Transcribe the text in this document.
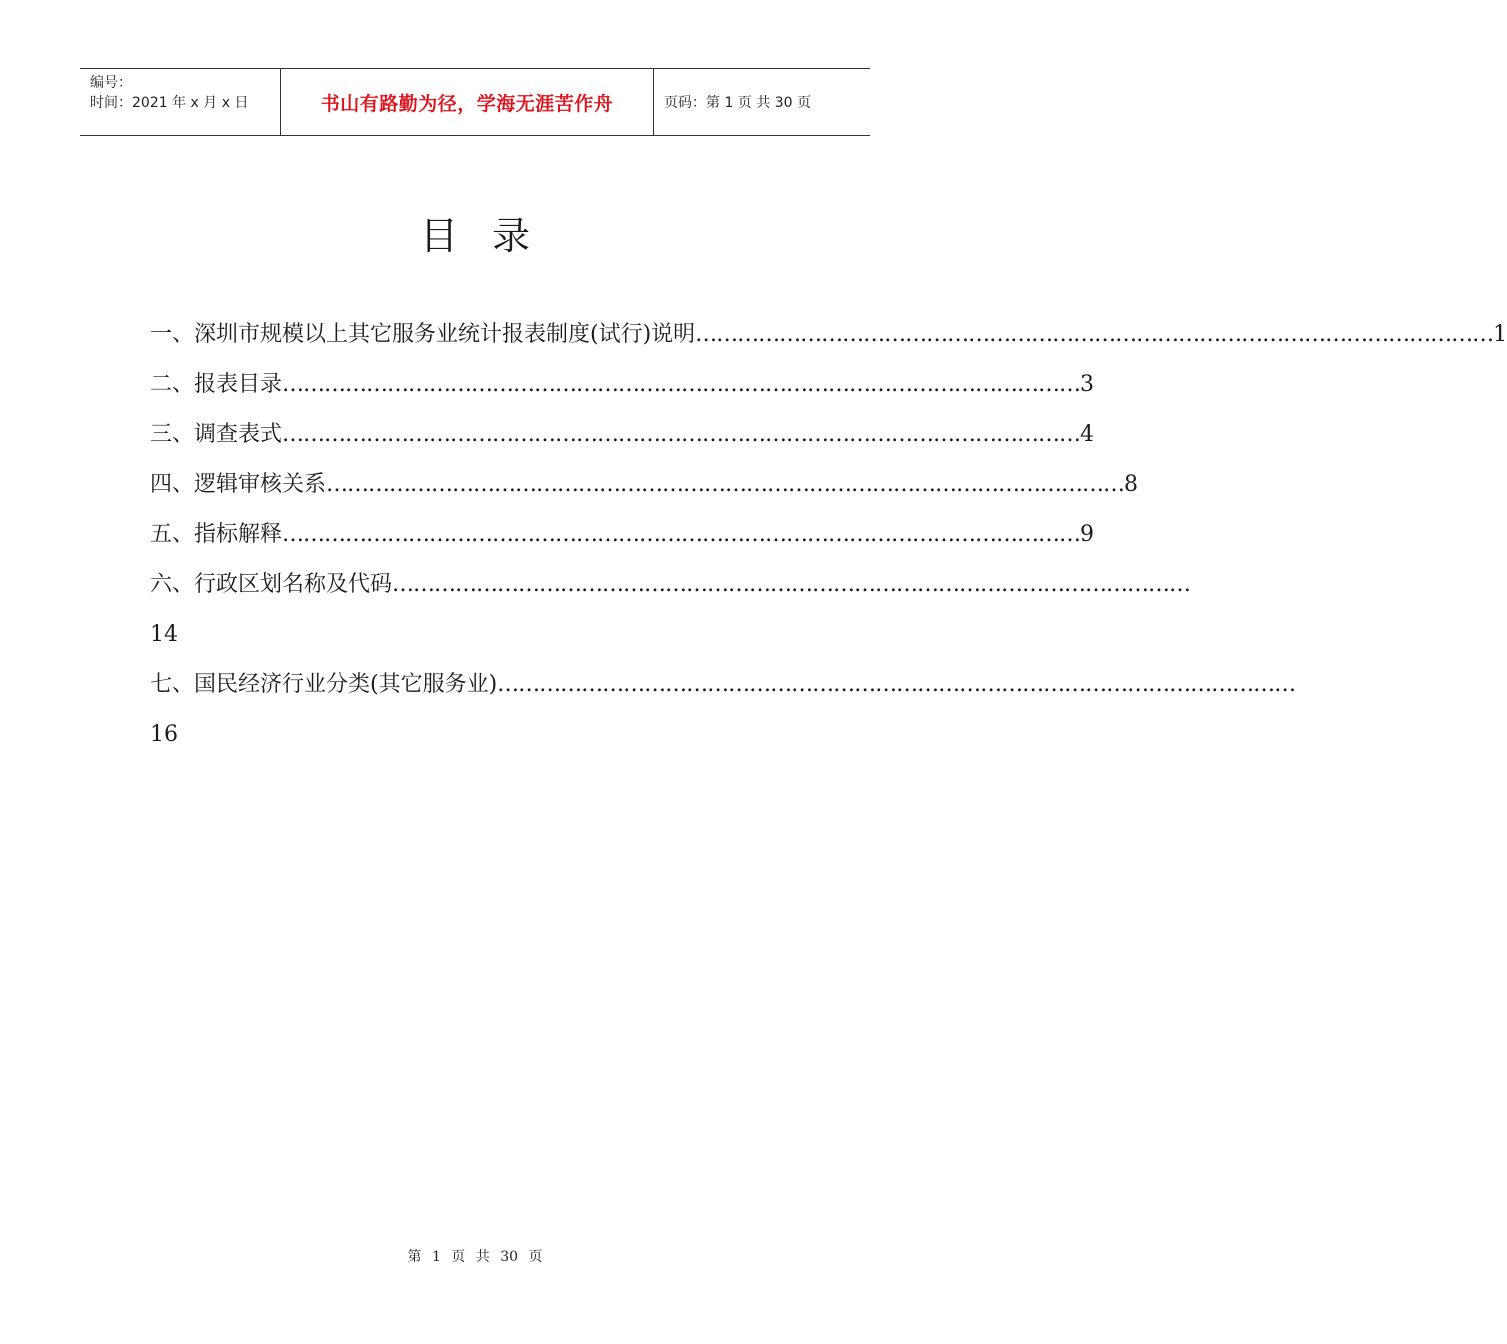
编号：
时间：2021 年 x 月 x 日	书山有路勤为径，学海无涯苦作舟	页码：第 1 页 共 30 页
目录
一、深圳市规模以上其它服务业统计报表制度(试行)说明 …………………………………………………………………………………………………… 1
二、报表目录 …………………………………………………………………………………………………… 3
三、调查表式 …………………………………………………………………………………………………… 4
四、逻辑审核关系 …………………………………………………………………………………………………… 8
五、指标解释 …………………………………………………………………………………………………… 9
六、行政区划名称及代码 ……………………………………………………………………………………………………
14
七、国民经济行业分类(其它服务业) ……………………………………………………………………………………………………
16
第 1 页 共 30 页
